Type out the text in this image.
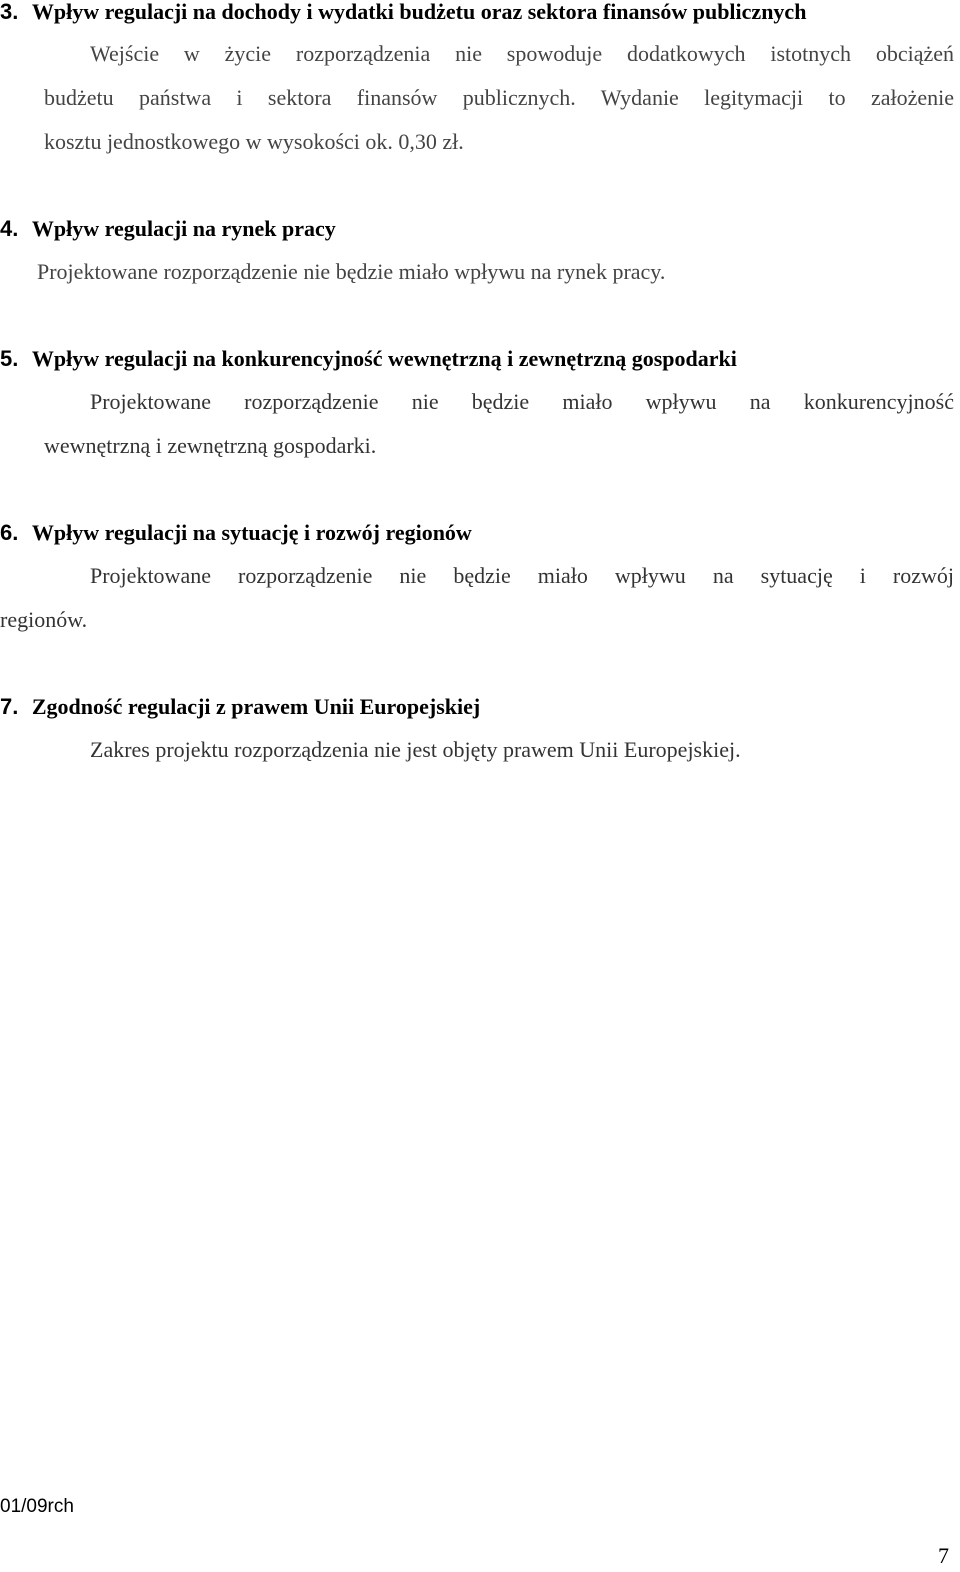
3. Wpływ regulacji na dochody i wydatki budżetu oraz sektora finansów publicznych
Wejście w życie rozporządzenia nie spowoduje dodatkowych istotnych obciążeń
budżetu państwa i sektora finansów publicznych. Wydanie legitymacji to założenie
kosztu jednostkowego w wysokości ok. 0,30 zł.
4. Wpływ regulacji na rynek pracy
Projektowane rozporządzenie nie będzie miało wpływu na rynek pracy.
5. Wpływ regulacji na konkurencyjność wewnętrzną i zewnętrzną gospodarki
Projektowane rozporządzenie nie będzie miało wpływu na konkurencyjność
wewnętrzną i zewnętrzną gospodarki.
6. Wpływ regulacji na sytuację i rozwój regionów
Projektowane rozporządzenie nie będzie miało wpływu na sytuację i rozwój
regionów.
7. Zgodność regulacji z prawem Unii Europejskiej
Zakres projektu rozporządzenia nie jest objęty prawem Unii Europejskiej.
01/09rch
7
